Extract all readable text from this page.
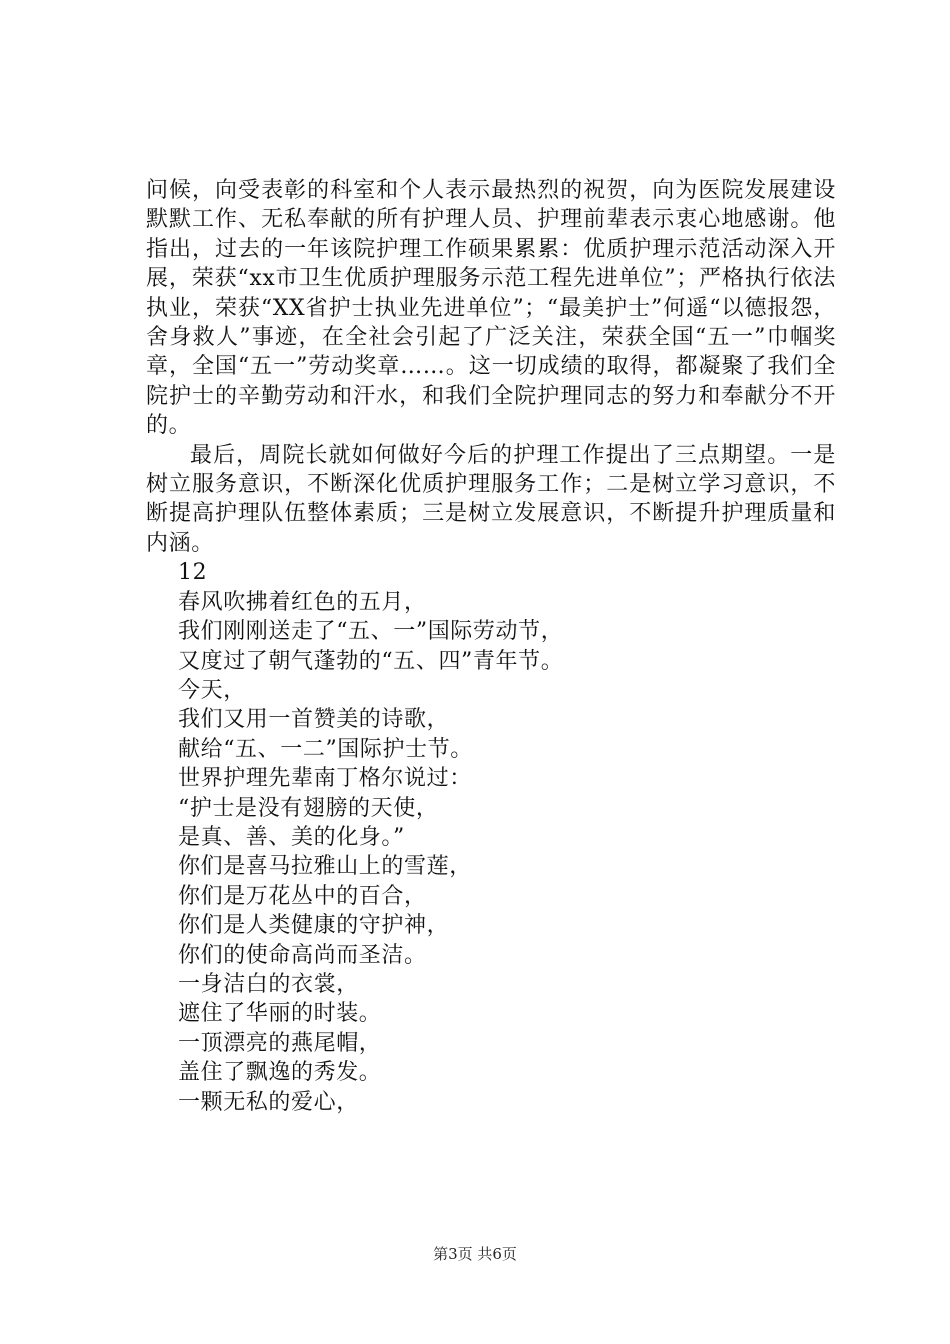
问候，向受表彰的科室和个人表示最热烈的祝贺，向为医院发展建设默默工作、无私奉献的所有护理人员、护理前辈表示衷心地感谢。他指出，过去的一年该院护理工作硕果累累：优质护理示范活动深入开展，荣获“xx市卫生优质护理服务示范工程先进单位”；严格执行依法执业，荣获“XX省护士执业先进单位”；“最美护士”何遥“以德报怨，舍身救人”事迹，在全社会引起了广泛关注，荣获全国“五一”巾帼奖章，全国“五一”劳动奖章……。这一切成绩的取得，都凝聚了我们全院护士的辛勤劳动和汗水，和我们全院护理同志的努力和奉献分不开的。

最后，周院长就如何做好今后的护理工作提出了三点期望。一是树立服务意识，不断深化优质护理服务工作；二是树立学习意识，不断提高护理队伍整体素质；三是树立发展意识，不断提升护理质量和内涵。

12

春风吹拂着红色的五月，

我们刚刚送走了“五、一”国际劳动节，

又度过了朝气蓬勃的“五、四”青年节。

今天，

我们又用一首赞美的诗歌，

献给“五、一二”国际护士节。

世界护理先辈南丁格尔说过：

“护士是没有翅膀的天使，

是真、善、美的化身。”

你们是喜马拉雅山上的雪莲，

你们是万花丛中的百合，

你们是人类健康的守护神，

你们的使命高尚而圣洁。

一身洁白的衣裳，

遮住了华丽的时装。

一顶漂亮的燕尾帽，

盖住了飘逸的秀发。

一颗无私的爱心，

第3页 共6页
